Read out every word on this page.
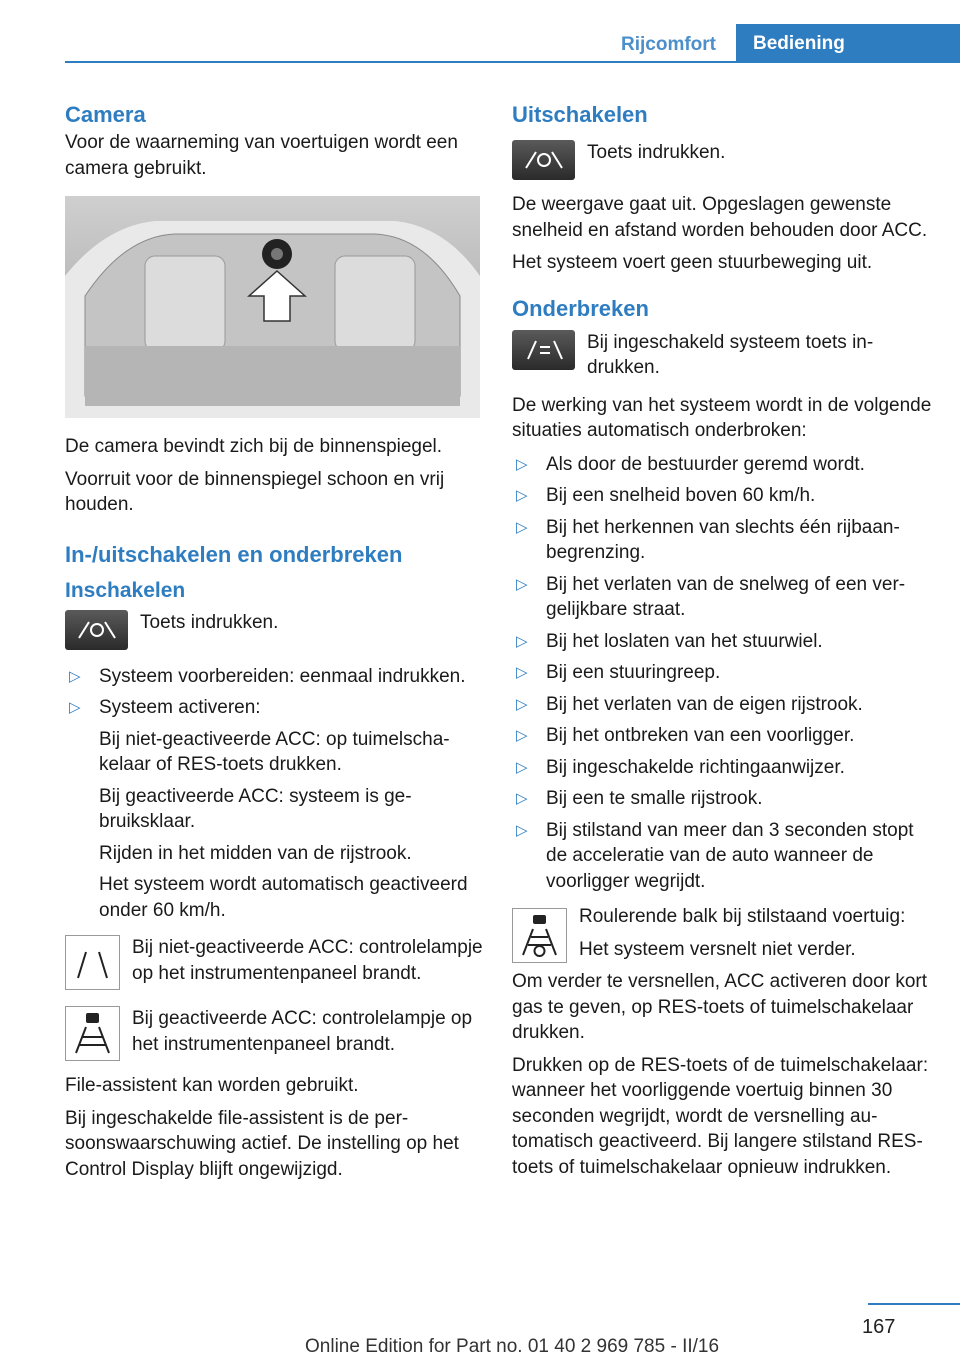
Rijcomfort	Bediening
Camera

Voor de waarneming van voertuigen wordt een camera gebruikt.

De camera bevindt zich bij de binnenspiegel.

Voorruit voor de binnenspiegel schoon en vrij houden.

In-/uitschakelen en onderbreken
Inschakelen
Toets indrukken.
▷ Systeem voorbereiden: eenmaal indrukken.
▷ Systeem activeren:
Bij niet-geactiveerde ACC: op tuimelschakelaar of RES-toets drukken.
Bij geactiveerde ACC: systeem is gebruiksklaar.
Rijden in het midden van de rijstrook.
Het systeem wordt automatisch geactiveerd onder 60 km/h.
Bij niet-geactiveerde ACC: controlelampje op het instrumentenpaneel brandt.
Bij geactiveerde ACC: controlelampje op het instrumentenpaneel brandt.

File-assistent kan worden gebruikt.

Bij ingeschakelde file-assistent is de persoonswaarschuwing actief. De instelling op het Control Display blijft ongewijzigd.

Uitschakelen
Toets indrukken.

De weergave gaat uit. Opgeslagen gewenste snelheid en afstand worden behouden door ACC.

Het systeem voert geen stuurbeweging uit.

Onderbreken
Bij ingeschakeld systeem toets indrukken.

De werking van het systeem wordt in de volgende situaties automatisch onderbroken:

▷ Als door de bestuurder geremd wordt.
▷ Bij een snelheid boven 60 km/h.
▷ Bij het herkennen van slechts één rijbaanbegrenzing.
▷ Bij het verlaten van de snelweg of een vergelijkbare straat.
▷ Bij het loslaten van het stuurwiel.
▷ Bij een stuuringreep.
▷ Bij het verlaten van de eigen rijstrook.
▷ Bij het ontbreken van een voorligger.
▷ Bij ingeschakelde richtingaanwijzer.
▷ Bij een te smalle rijstrook.
▷ Bij stilstand van meer dan 3 seconden stopt de acceleratie van de auto wanneer de voorligger wegrijdt.

Roulerende balk bij stilstaand voertuig:

Het systeem versnelt niet verder.

Om verder te versnellen, ACC activeren door kort gas te geven, op RES-toets of tuimelschakelaar drukken.

Drukken op de RES-toets of de tuimelschakelaar: wanneer het voorliggende voertuig binnen 30 seconden wegrijdt, wordt de versnelling automatisch geactiveerd. Bij langere stilstand RES-toets of tuimelschakelaar opnieuw indrukken.

167
Online Edition for Part no. 01 40 2 969 785 - II/16
